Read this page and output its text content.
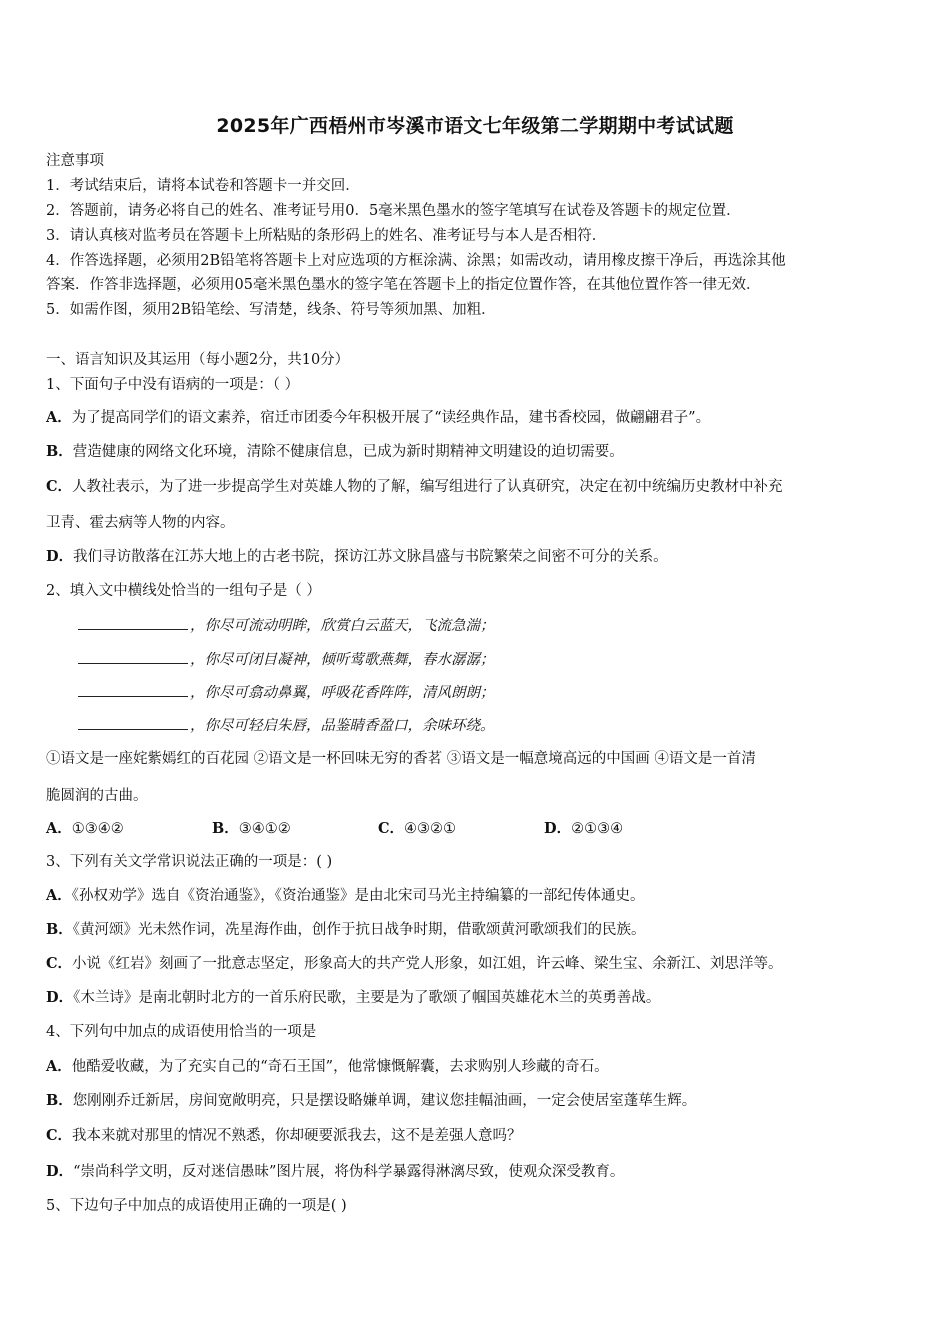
2025年广西梧州市岑溪市语文七年级第二学期期中考试试题
注意事项
1．考试结束后，请将本试卷和答题卡一并交回．
2．答题前，请务必将自己的姓名、准考证号用0．5毫米黑色墨水的签字笔填写在试卷及答题卡的规定位置．
3．请认真核对监考员在答题卡上所粘贴的条形码上的姓名、准考证号与本人是否相符．
4．作答选择题，必须用2B铅笔将答题卡上对应选项的方框涂满、涂黑；如需改动，请用橡皮擦干净后，再选涂其他
答案．作答非选择题，必须用05毫米黑色墨水的签字笔在答题卡上的指定位置作答，在其他位置作答一律无效．
5．如需作图，须用2B铅笔绘、写清楚，线条、符号等须加黑、加粗．
一、语言知识及其运用（每小题2分，共10分）
1、下面句子中没有语病的一项是：（ ）
A．为了提高同学们的语文素养，宿迁市团委今年积极开展了“读经典作品，建书香校园，做翩翩君子”。
B．营造健康的网络文化环境，清除不健康信息，已成为新时期精神文明建设的迫切需要。
C．人教社表示，为了进一步提高学生对英雄人物的了解，编写组进行了认真研究，决定在初中统编历史教材中补充
卫青、霍去病等人物的内容。
D．我们寻访散落在江苏大地上的古老书院，探访江苏文脉昌盛与书院繁荣之间密不可分的关系。
2、填入文中横线处恰当的一组句子是（ ）
，你尽可流动明眸，欣赏白云蓝天，飞流急湍；
，你尽可闭目凝神，倾听莺歌燕舞，春水潺潺；
，你尽可翕动鼻翼，呼吸花香阵阵，清风朗朗；
，你尽可轻启朱唇，品鉴睛香盈口，余味环绕。
①语文是一座姹紫嫣红的百花园 ②语文是一杯回味无穷的香茗 ③语文是一幅意境高远的中国画 ④语文是一首清
脆圆润的古曲。
A．①③④②	B．③④①②	C．④③②①	D．②①③④
3、下列有关文学常识说法正确的一项是：( )
A．《孙权劝学》选自《资治通鉴》，《资治通鉴》是由北宋司马光主持编纂的一部纪传体通史。
B．《黄河颂》光未然作词，冼星海作曲，创作于抗日战争时期，借歌颂黄河歌颂我们的民族。
C．小说《红岩》刻画了一批意志坚定，形象高大的共产党人形象，如江姐，许云峰、梁生宝、余新江、刘思洋等。
D．《木兰诗》是南北朝时北方的一首乐府民歌，主要是为了歌颂了帼国英雄花木兰的英勇善战。
4、下列句中加点的成语使用恰当的一项是
A．他酷爱收藏，为了充实自己的“奇石王国”，他常慷慨解囊，去求购别人珍藏的奇石。
B．您刚刚乔迁新居，房间宽敞明亮，只是摆设略嫌单调，建议您挂幅油画，一定会使居室蓬荜生辉。
C．我本来就对那里的情况不熟悉，你却硬要派我去，这不是差强人意吗？
D．“崇尚科学文明，反对迷信愚昧”图片展，将伪科学暴露得淋漓尽致，使观众深受教育。
5、下边句子中加点的成语使用正确的一项是( )
